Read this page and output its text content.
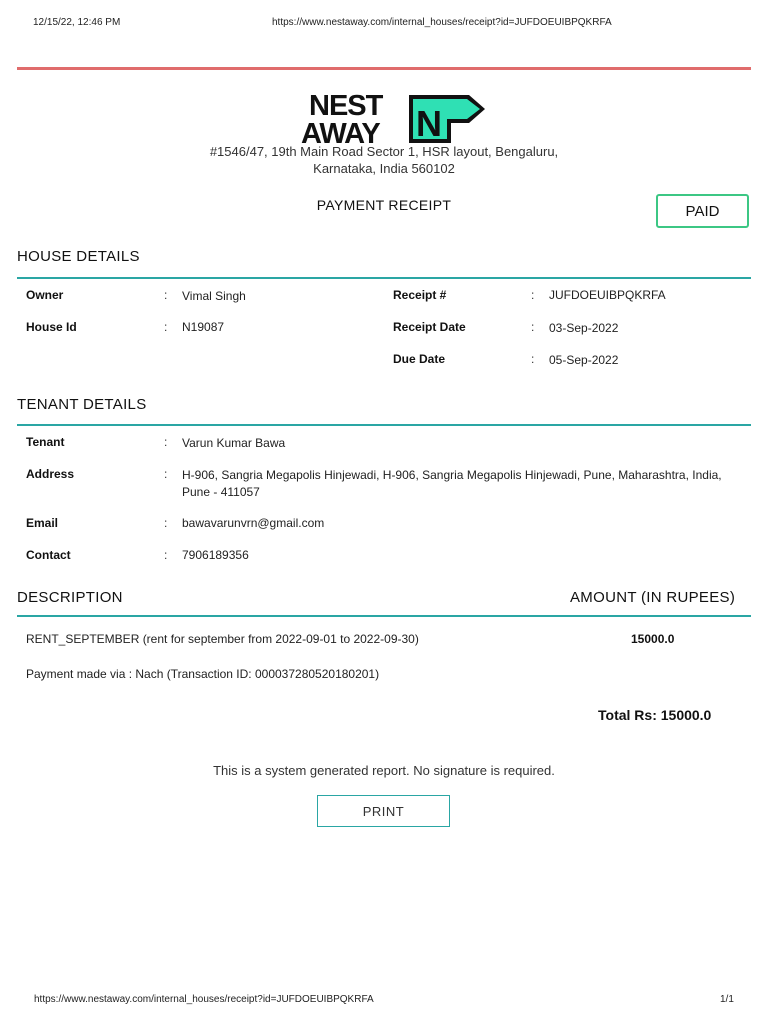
12/15/22, 12:46 PM	https://www.nestaway.com/internal_houses/receipt?id=JUFDOEUIBPQKRFA
NEST
AWAY N
#1546/47, 19th Main Road Sector 1, HSR layout, Bengaluru,
Karnataka, India 560102
PAYMENT RECEIPT	PAID
HOUSE DETAILS
Owner	: Vimal Singh
House Id	: N19087
Receipt #	: JUFDOEUIBPQKRFA
Receipt Date	: 03-Sep-2022
Due Date	: 05-Sep-2022
TENANT DETAILS
Tenant	: Varun Kumar Bawa
Address	: H-906, Sangria Megapolis Hinjewadi, H-906, Sangria Megapolis Hinjewadi, Pune, Maharashtra, India, Pune - 411057
Email	: bawavarunvrn@gmail.com
Contact	: 7906189356
DESCRIPTION	AMOUNT (IN RUPEES)
RENT_SEPTEMBER (rent for september from 2022-09-01 to 2022-09-30)	15000.0
Payment made via : Nach (Transaction ID: 000037280520180201)
Total Rs: 15000.0
This is a system generated report. No signature is required.
PRINT
https://www.nestaway.com/internal_houses/receipt?id=JUFDOEUIBPQKRFA	1/1
